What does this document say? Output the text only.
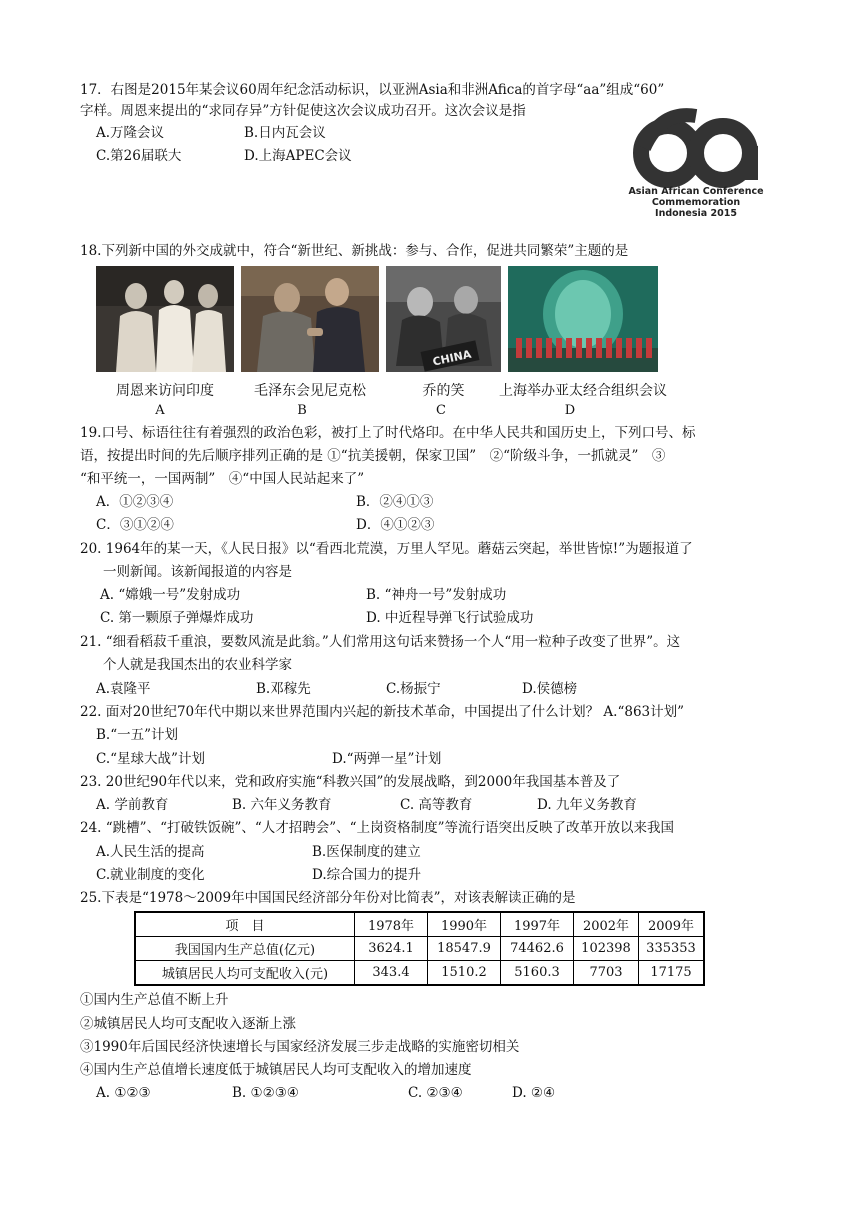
17．右图是2015年某会议60周年纪念活动标识，以亚洲Asia和非洲Afica的首字母“aa”组成“60”
字样。周恩来提出的“求同存异”方针促使这次会议成功召开。这次会议是指
A.万隆会议	B.日内瓦会议
C.第26届联大	D.上海APEC会议
Asian African Conference
Commemoration
Indonesia 2015
18.下列新中国的外交成就中，符合“新世纪、新挑战：参与、合作，促进共同繁荣”主题的是
CHINA
周恩来访问印度	毛泽东会见尼克松	乔的笑	上海举办亚太经合组织会议
A	B	C	D
19.口号、标语往往有着强烈的政治色彩，被打上了时代烙印。在中华人民共和国历史上，下列口号、标
语，按提出时间的先后顺序排列正确的是 ①“抗美援朝，保家卫国”　②“阶级斗争，一抓就灵”　③
“和平统一，一国两制”　④“中国人民站起来了”
A．①②③④	B．②④①③
C．③①②④	D．④①②③
20. 1964年的某一天，《人民日报》以“看西北荒漠，万里人罕见。蘑菇云突起，举世皆惊!”为题报道了
一则新闻。该新闻报道的内容是
A. “嫦娥一号”发射成功	B. “神舟一号”发射成功
C. 第一颗原子弹爆炸成功	D. 中近程导弹飞行试验成功
21. “细看稻菽千重浪，要数风流是此翁。”人们常用这句话来赞扬一个人“用一粒种子改变了世界”。这
个人就是我国杰出的农业科学家
A.袁隆平	B.邓稼先	C.杨振宁	D.侯德榜
22. 面对20世纪70年代中期以来世界范围内兴起的新技术革命，中国提出了什么计划？ A.“863计划”
B.“一五”计划
C.“星球大战”计划	D.“两弹一星”计划
23. 20世纪90年代以来，党和政府实施“科教兴国”的发展战略，到2000年我国基本普及了
A. 学前教育	B. 六年义务教育	C. 高等教育	D. 九年义务教育
24. “跳槽”、“打破铁饭碗”、“人才招聘会”、“上岗资格制度”等流行语突出反映了改革开放以来我国
A.人民生活的提高	B.医保制度的建立
C.就业制度的变化	D.综合国力的提升
25.下表是“1978～2009年中国国民经济部分年份对比简表”，对该表解读正确的是
项　目	1978年	1990年	1997年	2002年	2009年
我国国内生产总值(亿元)	3624.1	18547.9	74462.6	102398	335353
城镇居民人均可支配收入(元)	343.4	1510.2	5160.3	7703	17175
①国内生产总值不断上升
②城镇居民人均可支配收入逐渐上涨
③1990年后国民经济快速增长与国家经济发展三步走战略的实施密切相关
④国内生产总值增长速度低于城镇居民人均可支配收入的增加速度
A. ①②③	B. ①②③④	C. ②③④	D. ②④
